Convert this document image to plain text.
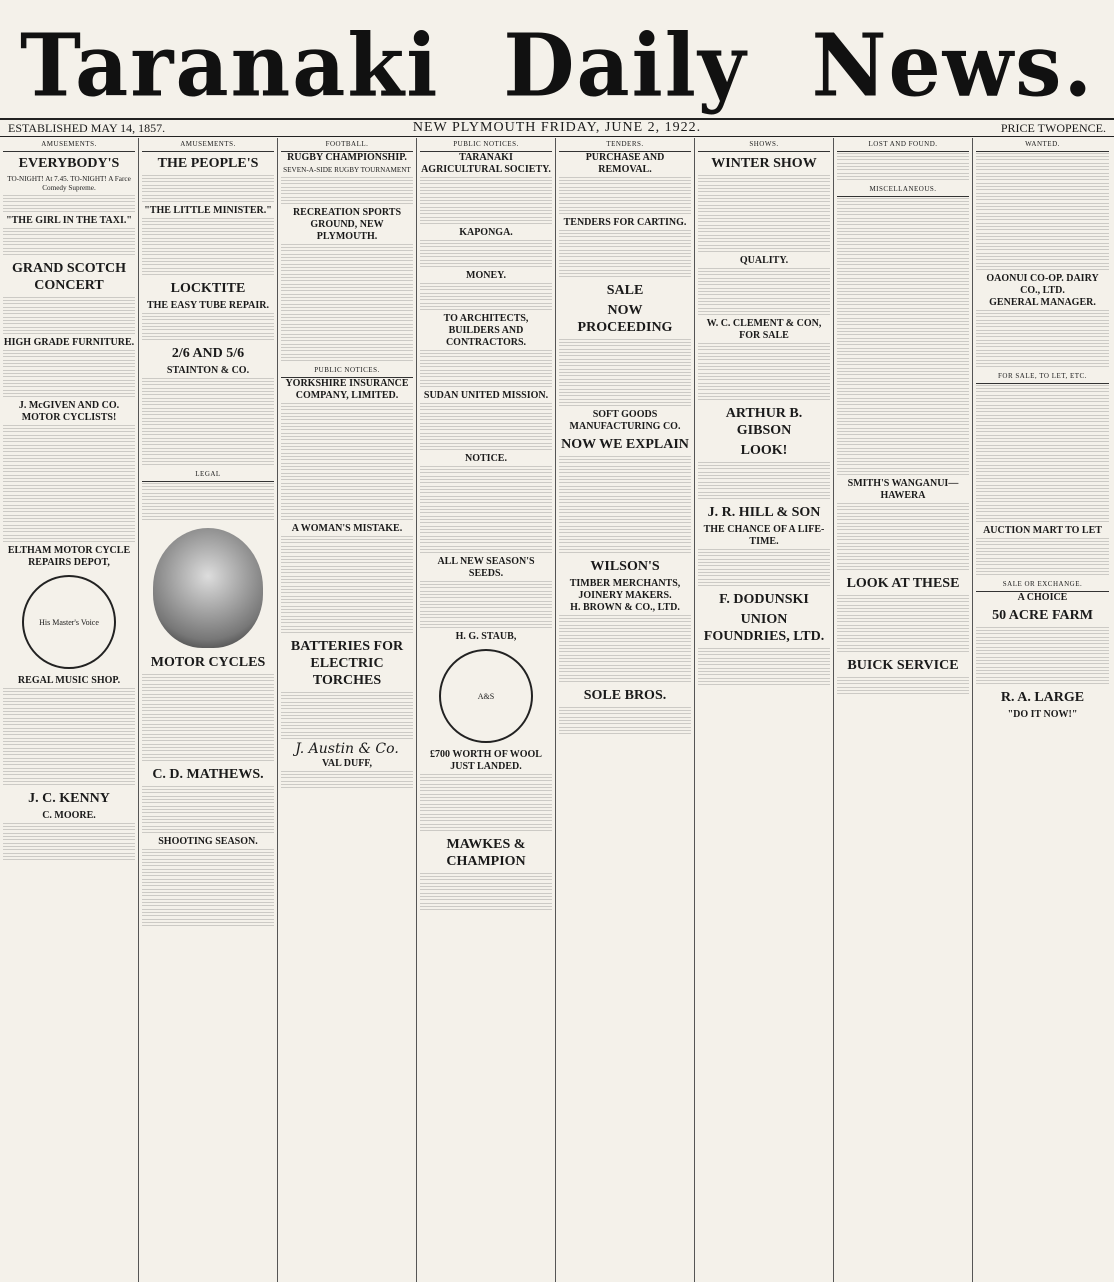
Taranaki Daily News.
ESTABLISHED MAY 14, 1857.	NEW PLYMOUTH FRIDAY, JUNE 2, 1922.	PRICE TWOPENCE.
AMUSEMENTS.
EVERYBODY'S
TO-NIGHT! At 7.45. TO-NIGHT! A Farce Comedy Supreme.
"THE GIRL IN THE TAXI."
GRAND SCOTCH CONCERT
HIGH GRADE FURNITURE.
J. McGIVEN AND CO.
MOTOR CYCLISTS!
ELTHAM MOTOR CYCLE REPAIRS DEPOT,
His Master's Voice
REGAL MUSIC SHOP.
J. C. KENNY
C. MOORE.
AMUSEMENTS.
THE PEOPLE'S
"THE LITTLE MINISTER."
LOCKTITE
THE EASY TUBE REPAIR.
2/6 AND 5/6
STAINTON & CO.
LEGAL
MOTOR CYCLES
C. D. MATHEWS.
SHOOTING SEASON.
FOOTBALL.
RUGBY CHAMPIONSHIP.
SEVEN-A-SIDE RUGBY TOURNAMENT
RECREATION SPORTS GROUND, NEW PLYMOUTH.
PUBLIC NOTICES.
YORKSHIRE INSURANCE COMPANY, LIMITED.
A WOMAN'S MISTAKE.
BATTERIES FOR ELECTRIC TORCHES
J. Austin & Co.
VAL DUFF,
PUBLIC NOTICES.
TARANAKI AGRICULTURAL SOCIETY.
KAPONGA.
MONEY.
TO ARCHITECTS, BUILDERS AND CONTRACTORS.
SUDAN UNITED MISSION.
NOTICE.
ALL NEW SEASON'S SEEDS.
H. G. STAUB,
A&S
£700 WORTH OF WOOL JUST LANDED.
MAWKES & CHAMPION
TENDERS.
PURCHASE AND REMOVAL.
TENDERS FOR CARTING.
SALE
NOW PROCEEDING
SOFT GOODS MANUFACTURING CO.
NOW WE EXPLAIN
WILSON'S
TIMBER MERCHANTS, JOINERY MAKERS.
H. BROWN & CO., LTD.
SOLE BROS.
SHOWS.
WINTER SHOW
QUALITY.
W. C. CLEMENT & CON,
FOR SALE
ARTHUR B. GIBSON
LOOK!
J. R. HILL & SON
THE CHANCE OF A LIFE-TIME.
F. DODUNSKI
UNION FOUNDRIES, LTD.
LOST AND FOUND.
MISCELLANEOUS.
SMITH'S WANGANUI—HAWERA
LOOK AT THESE
BUICK SERVICE
WANTED.
OAONUI CO-OP. DAIRY CO., LTD.
GENERAL MANAGER.
FOR SALE, TO LET, ETC.
AUCTION MART TO LET
SALE OR EXCHANGE.
A CHOICE
50 ACRE FARM
R. A. LARGE
"DO IT NOW!"
